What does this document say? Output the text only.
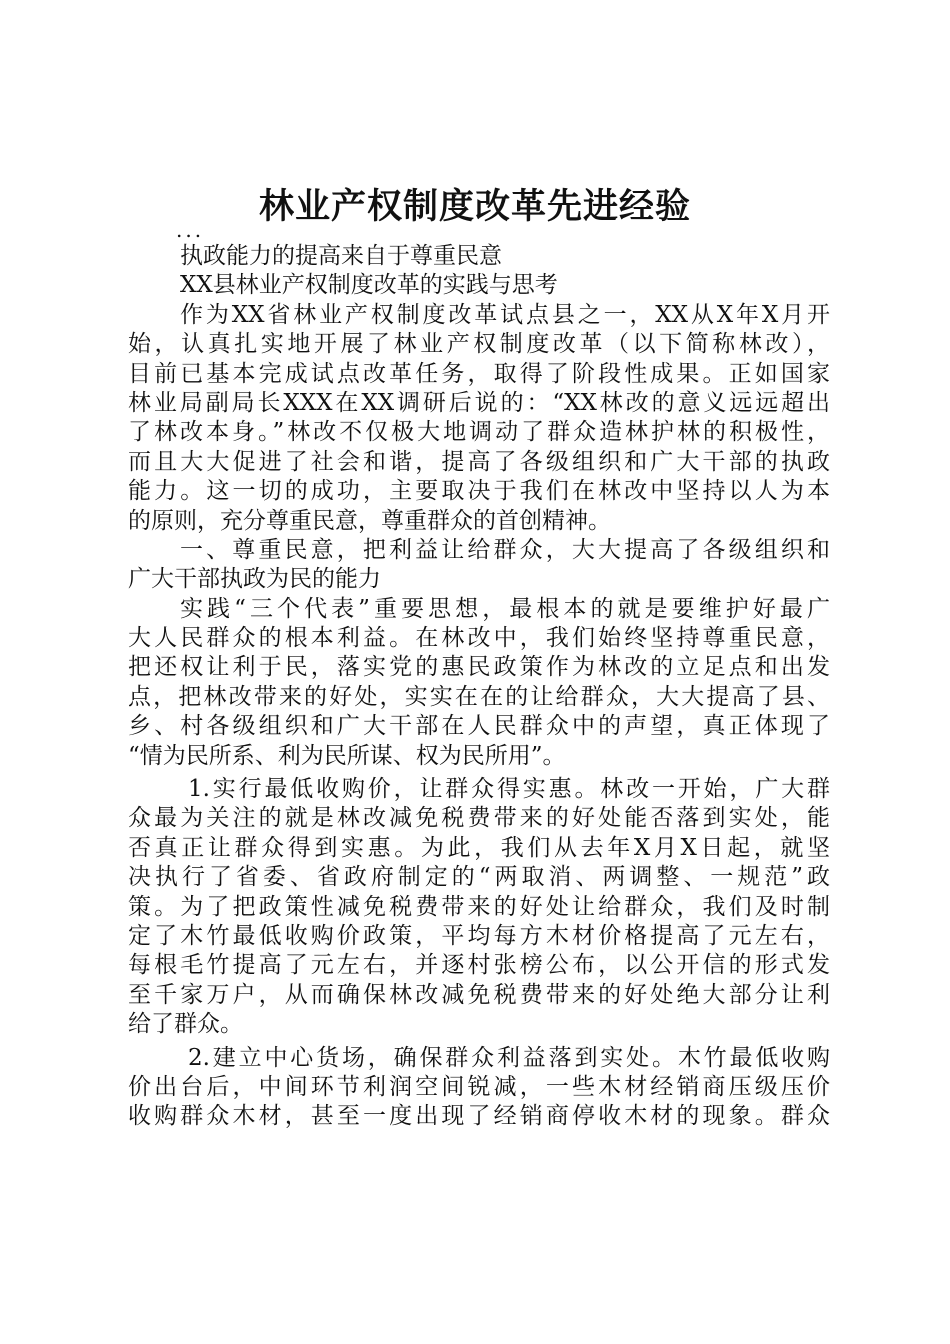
林业产权制度改革先进经验
...
执政能力的提高来自于尊重民意
XX县林业产权制度改革的实践与思考
作为XX省林业产权制度改革试点县之一，XX从X年X月开
始，认真扎实地开展了林业产权制度改革（以下简称林改），
目前已基本完成试点改革任务，取得了阶段性成果。正如国家
林业局副局长XXX在XX调研后说的：“XX林改的意义远远超出
了林改本身。”林改不仅极大地调动了群众造林护林的积极性，
而且大大促进了社会和谐，提高了各级组织和广大干部的执政
能力。这一切的成功，主要取决于我们在林改中坚持以人为本
的原则，充分尊重民意，尊重群众的首创精神。
一、尊重民意，把利益让给群众，大大提高了各级组织和
广大干部执政为民的能力
实践“三个代表”重要思想，最根本的就是要维护好最广
大人民群众的根本利益。在林改中，我们始终坚持尊重民意，
把还权让利于民，落实党的惠民政策作为林改的立足点和出发
点，把林改带来的好处，实实在在的让给群众，大大提高了县、
乡、村各级组织和广大干部在人民群众中的声望，真正体现了
“情为民所系、利为民所谋、权为民所用”。
1.实行最低收购价，让群众得实惠。林改一开始，广大群
众最为关注的就是林改减免税费带来的好处能否落到实处，能
否真正让群众得到实惠。为此，我们从去年X月X日起，就坚
决执行了省委、省政府制定的“两取消、两调整、一规范”政
策。为了把政策性减免税费带来的好处让给群众，我们及时制
定了木竹最低收购价政策，平均每方木材价格提高了元左右，
每根毛竹提高了元左右，并逐村张榜公布，以公开信的形式发
至千家万户，从而确保林改减免税费带来的好处绝大部分让利
给了群众。
2.建立中心货场，确保群众利益落到实处。木竹最低收购
价出台后，中间环节利润空间锐减，一些木材经销商压级压价
收购群众木材，甚至一度出现了经销商停收木材的现象。群众
